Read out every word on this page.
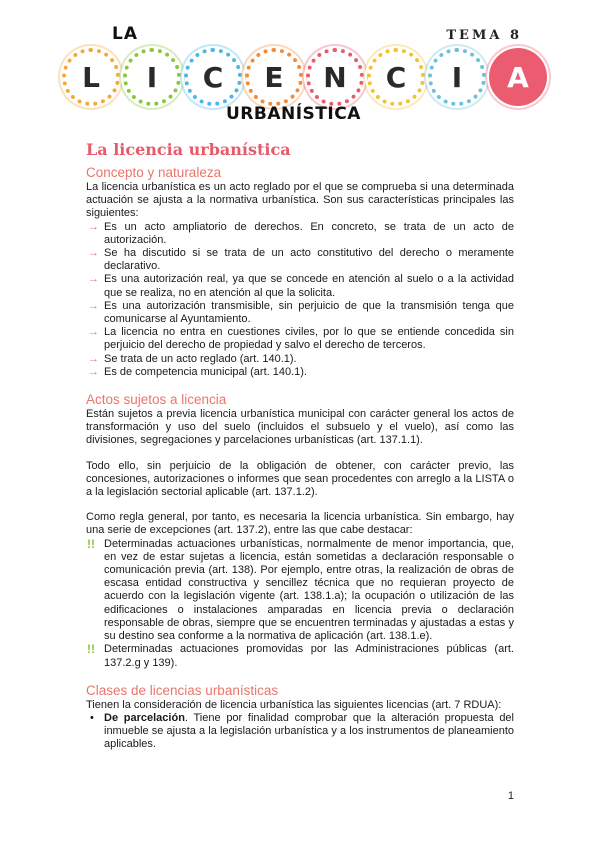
LA	TEMA 8
L I C E N C I A
URBANÍSTICA
La licencia urbanística
Concepto y naturaleza

La licencia urbanística es un acto reglado por el que se comprueba si una determinada actuación se ajusta a la normativa urbanística. Son sus características principales las siguientes:

→ Es un acto ampliatorio de derechos. En concreto, se trata de un acto de autorización.
→ Se ha discutido si se trata de un acto constitutivo del derecho o meramente declarativo.
→ Es una autorización real, ya que se concede en atención al suelo o a la actividad que se realiza, no en atención al que la solicita.
→ Es una autorización transmisible, sin perjuicio de que la transmisión tenga que comunicarse al Ayuntamiento.
→ La licencia no entra en cuestiones civiles, por lo que se entiende concedida sin perjuicio del derecho de propiedad y salvo el derecho de terceros.
→ Se trata de un acto reglado (art. 140.1).
→ Es de competencia municipal (art. 140.1).
Actos sujetos a licencia

Están sujetos a previa licencia urbanística municipal con carácter general los actos de transformación y uso del suelo (incluidos el subsuelo y el vuelo), así como las divisiones, segregaciones y parcelaciones urbanísticas (art. 137.1.1).

Todo ello, sin perjuicio de la obligación de obtener, con carácter previo, las concesiones, autorizaciones o informes que sean procedentes con arreglo a la LISTA o a la legislación sectorial aplicable (art. 137.1.2).

Como regla general, por tanto, es necesaria la licencia urbanística. Sin embargo, hay una serie de excepciones (art. 137.2), entre las que cabe destacar:

!! Determinadas actuaciones urbanísticas, normalmente de menor importancia, que, en vez de estar sujetas a licencia, están sometidas a declaración responsable o comunicación previa (art. 138). Por ejemplo, entre otras, la realización de obras de escasa entidad constructiva y sencillez técnica que no requieran proyecto de acuerdo con la legislación vigente (art. 138.1.a); la ocupación o utilización de las edificaciones o instalaciones amparadas en licencia previa o declaración responsable de obras, siempre que se encuentren terminadas y ajustadas a estas y su destino sea conforme a la normativa de aplicación (art. 138.1.e).
!! Determinadas actuaciones promovidas por las Administraciones públicas (art. 137.2.g y 139).
Clases de licencias urbanísticas

Tienen la consideración de licencia urbanística las siguientes licencias (art. 7 RDUA):

• De parcelación. Tiene por finalidad comprobar que la alteración propuesta del inmueble se ajusta a la legislación urbanística y a los instrumentos de planeamiento aplicables.
1
